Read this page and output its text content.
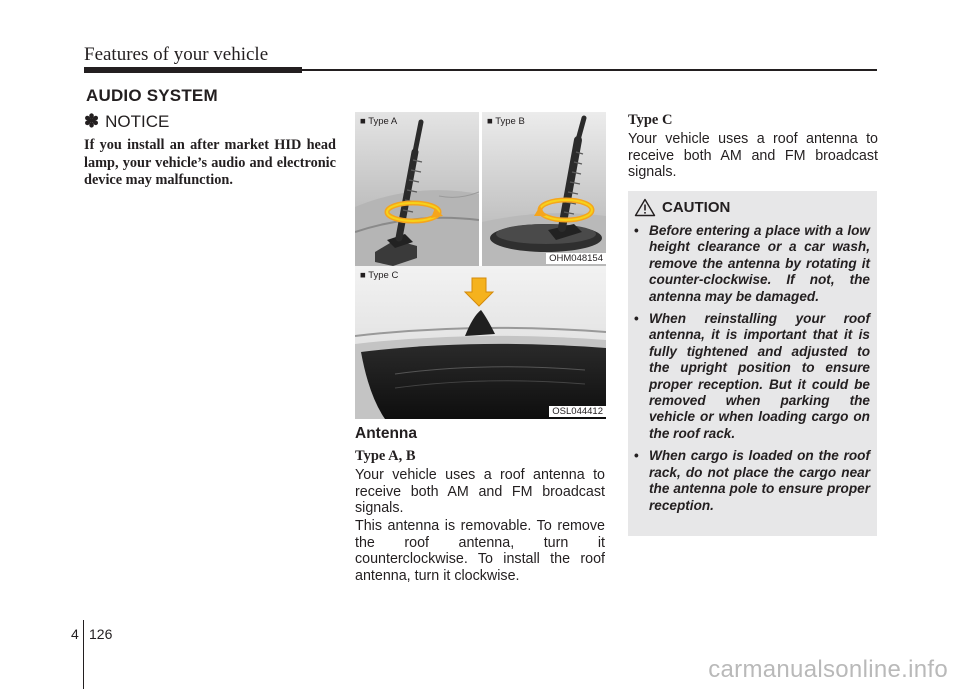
Features of your vehicle
AUDIO SYSTEM
✽ NOTICE
If you install an after market HID head lamp, your vehicle’s audio and electronic device may malfunction.
■ Type A	■ Type B
OHM048154
■ Type C
OSL044412
Antenna
Type A, B
Your vehicle uses a roof antenna to receive both AM and FM broadcast signals.
This antenna is removable. To remove the roof antenna, turn it counterclockwise. To install the roof antenna, turn it clockwise.
Type C
Your vehicle uses a roof antenna to receive both AM and FM broadcast signals.
CAUTION
• Before entering a place with a low height clearance or a car wash, remove the antenna by rotating it counter-clockwise. If not, the antenna may be damaged.
• When reinstalling your roof antenna, it is important that it is fully tightened and adjusted to the upright position to ensure proper reception. But it could be removed when parking the vehicle or when loading cargo on the roof rack.
• When cargo is loaded on the roof rack, do not place the cargo near the antenna pole to ensure proper reception.
4 126
carmanualsonline.info
